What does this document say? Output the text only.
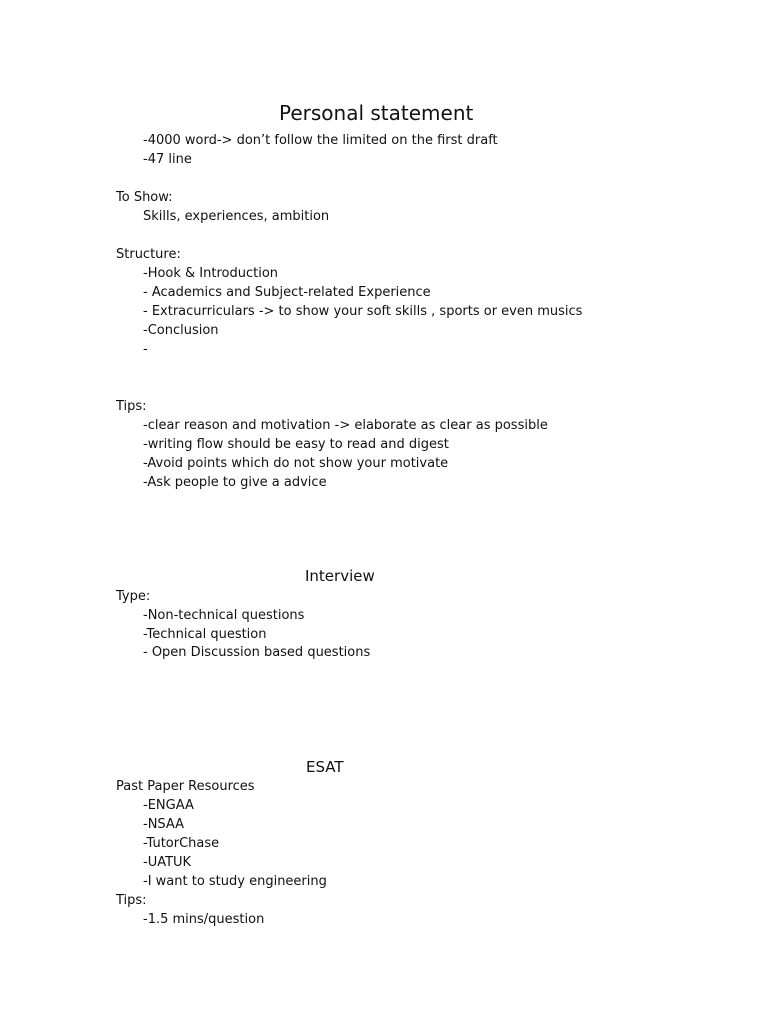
Personal statement
-4000 word-> don’t follow the limited on the first draft
-47 line
To Show:
Skills, experiences, ambition
Structure:
-Hook & Introduction
- Academics and Subject-related Experience
- Extracurriculars -> to show your soft skills , sports or even musics
-Conclusion
-
Tips:
-clear reason and motivation -> elaborate as clear as possible
-writing flow should be easy to read and digest
-Avoid points which do not show your motivate
-Ask people to give a advice
Interview
Type:
-Non-technical questions
-Technical question
- Open Discussion based questions
ESAT
Past Paper Resources
-ENGAA
-NSAA
-TutorChase
-UATUK
-I want to study engineering
Tips:
-1.5 mins/question
